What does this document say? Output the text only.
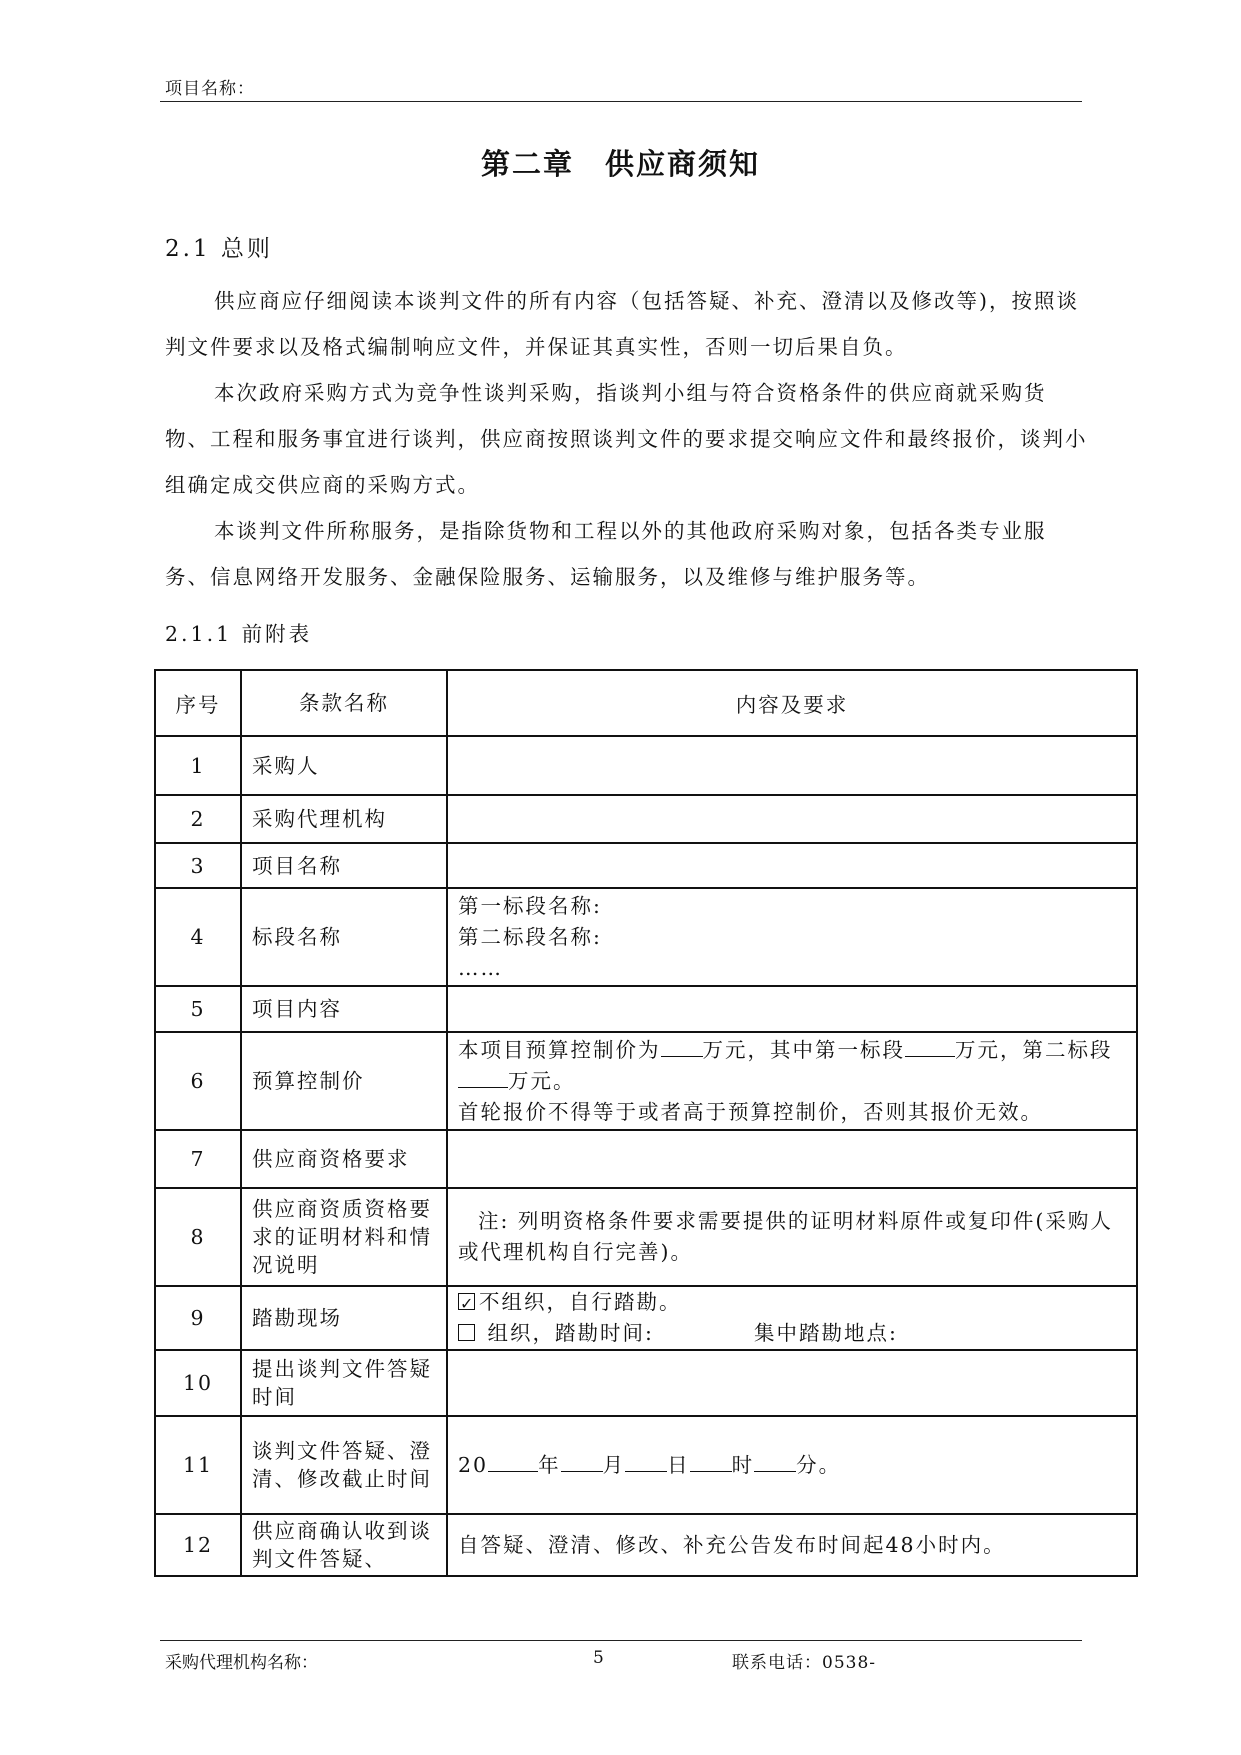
项目名称：
第二章　供应商须知
2.1 总则

供应商应仔细阅读本谈判文件的所有内容（包括答疑、补充、澄清以及修改等)，按照谈判文件要求以及格式编制响应文件，并保证其真实性，否则一切后果自负。

本次政府采购方式为竞争性谈判采购，指谈判小组与符合资格条件的供应商就采购货物、工程和服务事宜进行谈判，供应商按照谈判文件的要求提交响应文件和最终报价，谈判小组确定成交供应商的采购方式。

本谈判文件所称服务，是指除货物和工程以外的其他政府采购对象，包括各类专业服务、信息网络开发服务、金融保险服务、运输服务，以及维修与维护服务等。

2.1.1 前附表
序号	条款名称	内容及要求
1	采购人	
2	采购代理机构	
3	项目名称	
4	标段名称	第一标段名称:
第二标段名称:
……

5	项目内容	
6	预算控制价	本项目预算控制价为 万元，其中第一标段 万元，第二标段万元。
首轮报价不得等于或者高于预算控制价，否则其报价无效。

7	供应商资格要求	
8	供应商资质资格要求的证明材料和情况说明	注: 列明资格条件要求需要提供的证明材料原件或复印件(采购人或代理机构自行完善)。
9	踏勘现场	
✓不组织，自行踏勘。
组织，踏勘时间: 集中踏勘地点:

10	提出谈判文件答疑时间	
11	谈判文件答疑、澄清、修改截止时间	20 年 月 日 时 分。
12	供应商确认收到谈判文件答疑、	自答疑、澄清、修改、补充公告发布时间起48小时内。
采购代理机构名称：	5	联系电话：0538-
